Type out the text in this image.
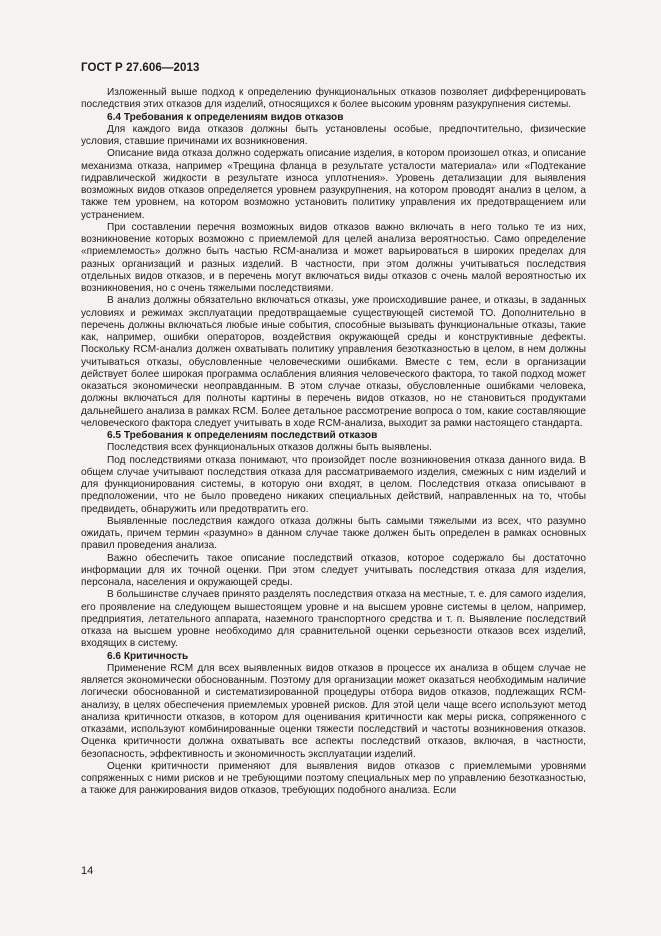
ГОСТ Р 27.606—2013

Изложенный выше подход к определению функциональных отказов позволяет дифференцировать последствия этих отказов для изделий, относящихся к более высоким уровням разукрупнения системы.

6.4 Требования к определениям видов отказов

Для каждого вида отказов должны быть установлены особые, предпочтительно, физические условия, ставшие причинами их возникновения.

Описание вида отказа должно содержать описание изделия, в котором произошел отказ, и описание механизма отказа, например «Трещина фланца в результате усталости материала» или «Подтекание гидравлической жидкости в результате износа уплотнения». Уровень детализации для выявления возможных видов отказов определяется уровнем разукрупнения, на котором проводят анализ в целом, а также тем уровнем, на котором возможно установить политику управления их предотвращением или устранением.

При составлении перечня возможных видов отказов важно включать в него только те из них, возникновение которых возможно с приемлемой для целей анализа вероятностью. Само определение «приемлемость» должно быть частью RCM-анализа и может варьироваться в широких пределах для разных организаций и разных изделий. В частности, при этом должны учитываться последствия отдельных видов отказов, и в перечень могут включаться виды отказов с очень малой вероятностью их возникновения, но с очень тяжелыми последствиями.

В анализ должны обязательно включаться отказы, уже происходившие ранее, и отказы, в заданных условиях и режимах эксплуатации предотвращаемые существующей системой ТО. Дополнительно в перечень должны включаться любые иные события, способные вызывать функциональные отказы, такие как, например, ошибки операторов, воздействия окружающей среды и конструктивные дефекты. Поскольку RCM-анализ должен охватывать политику управления безотказностью в целом, в нем должны учитываться отказы, обусловленные человеческими ошибками. Вместе с тем, если в организации действует более широкая программа ослабления влияния человеческого фактора, то такой подход может оказаться экономически неоправданным. В этом случае отказы, обусловленные ошибками человека, должны включаться для полноты картины в перечень видов отказов, но не становиться продуктами дальнейшего анализа в рамках RCM. Более детальное рассмотрение вопроса о том, какие составляющие человеческого фактора следует учитывать в ходе RCM-анализа, выходит за рамки настоящего стандарта.

6.5 Требования к определениям последствий отказов

Последствия всех функциональных отказов должны быть выявлены.

Под последствиями отказа понимают, что произойдет после возникновения отказа данного вида. В общем случае учитывают последствия отказа для рассматриваемого изделия, смежных с ним изделий и для функционирования системы, в которую они входят, в целом. Последствия отказа описывают в предположении, что не было проведено никаких специальных действий, направленных на то, чтобы предвидеть, обнаружить или предотвратить его.

Выявленные последствия каждого отказа должны быть самыми тяжелыми из всех, что разумно ожидать, причем термин «разумно» в данном случае также должен быть определен в рамках основных правил проведения анализа.

Важно обеспечить такое описание последствий отказов, которое содержало бы достаточно информации для их точной оценки. При этом следует учитывать последствия отказа для изделия, персонала, населения и окружающей среды.

В большинстве случаев принято разделять последствия отказа на местные, т. е. для самого изделия, его проявление на следующем вышестоящем уровне и на высшем уровне системы в целом, например, предприятия, летательного аппарата, наземного транспортного средства и т. п. Выявление последствий отказа на высшем уровне необходимо для сравнительной оценки серьезности отказов всех изделий, входящих в систему.

6.6 Критичность

Применение RCM для всех выявленных видов отказов в процессе их анализа в общем случае не является экономически обоснованным. Поэтому для организации может оказаться необходимым наличие логически обоснованной и систематизированной процедуры отбора видов отказов, подлежащих RCM-анализу, в целях обеспечения приемлемых уровней рисков. Для этой цели чаще всего используют метод анализа критичности отказов, в котором для оценивания критичности как меры риска, сопряженного с отказами, используют комбинированные оценки тяжести последствий и частоты возникновения отказов. Оценка критичности должна охватывать все аспекты последствий отказов, включая, в частности, безопасность, эффективность и экономичность эксплуатации изделий.

Оценки критичности применяют для выявления видов отказов с приемлемыми уровнями сопряженных с ними рисков и не требующими поэтому специальных мер по управлению безотказностью, а также для ранжирования видов отказов, требующих подобного анализа. Если

14
